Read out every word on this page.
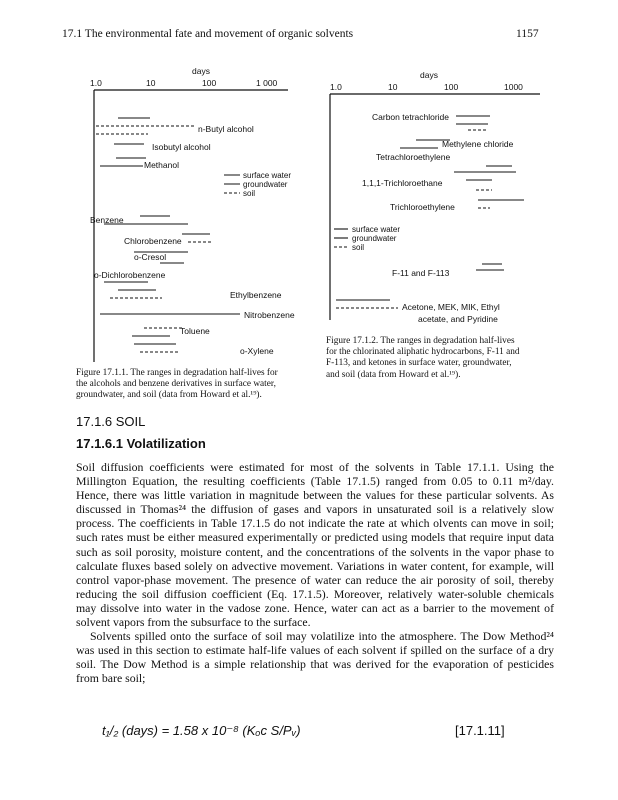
17.1 The environmental fate and movement of organic solvents	1157
days
1.0	10	100	1 000
n-Butyl alcohol
Isobutyl alcohol
Methanol
surface water
groundwater
soil
Benzene
Chlorobenzene
o-Cresol
o-Dichlorobenzene
Ethylbenzene
Nitrobenzene
Toluene
o-Xylene
Figure 17.1.1. The ranges in degradation half-lives for
the alcohols and benzene derivatives in surface water,
groundwater, and soil (data from Howard et al.¹⁹).
days
1.0	10	100	1000
Carbon tetrachloride
Methylene chloride
Tetrachloroethylene
1,1,1-Trichloroethane
Trichloroethylene
surface water
groundwater
soil
F-11 and F-113
Acetone, MEK, MIK, Ethyl
acetate, and Pyridine
Figure 17.1.2. The ranges in degradation half-lives
for the chlorinated aliphatic hydrocarbons, F-11 and
F-113, and ketones in surface water, groundwater,
and soil (data from Howard et al.¹⁹).
17.1.6 SOIL
17.1.6.1 Volatilization

Soil diffusion coefficients were estimated for most of the solvents in Table 17.1.1. Using the Millington Equation, the resulting coefficients (Table 17.1.5) ranged from 0.05 to 0.11 m²/day. Hence, there was little variation in magnitude between the values for these particular solvents. As discussed in Thomas²⁴ the diffusion of gases and vapors in unsaturated soil is a relatively slow process. The coefficients in Table 17.1.5 do not indicate the rate at which olvents can move in soil; such rates must be either measured experimentally or predicted using models that require input data such as soil porosity, moisture content, and the concentrations of the solvents in the vapor phase to calculate fluxes based solely on advective movement. Variations in water content, for example, will control vapor-phase movement. The presence of water can reduce the air porosity of soil, thereby reducing the soil diffusion coefficient (Eq. 17.1.5). Moreover, relatively water-soluble chemicals may dissolve into water in the vadose zone. Hence, water can act as a barrier to the movement of solvent vapors from the subsurface to the surface.

Solvents spilled onto the surface of soil may volatilize into the atmosphere. The Dow Method²⁴ was used in this section to estimate half-life values of each solvent if spilled on the surface of a dry soil. The Dow Method is a simple relationship that was derived for the evaporation of pesticides from bare soil;

t₁/₂ (days) = 1.58 x 10⁻⁸ (Kₒc S/Pᵥ)	[17.1.11]
